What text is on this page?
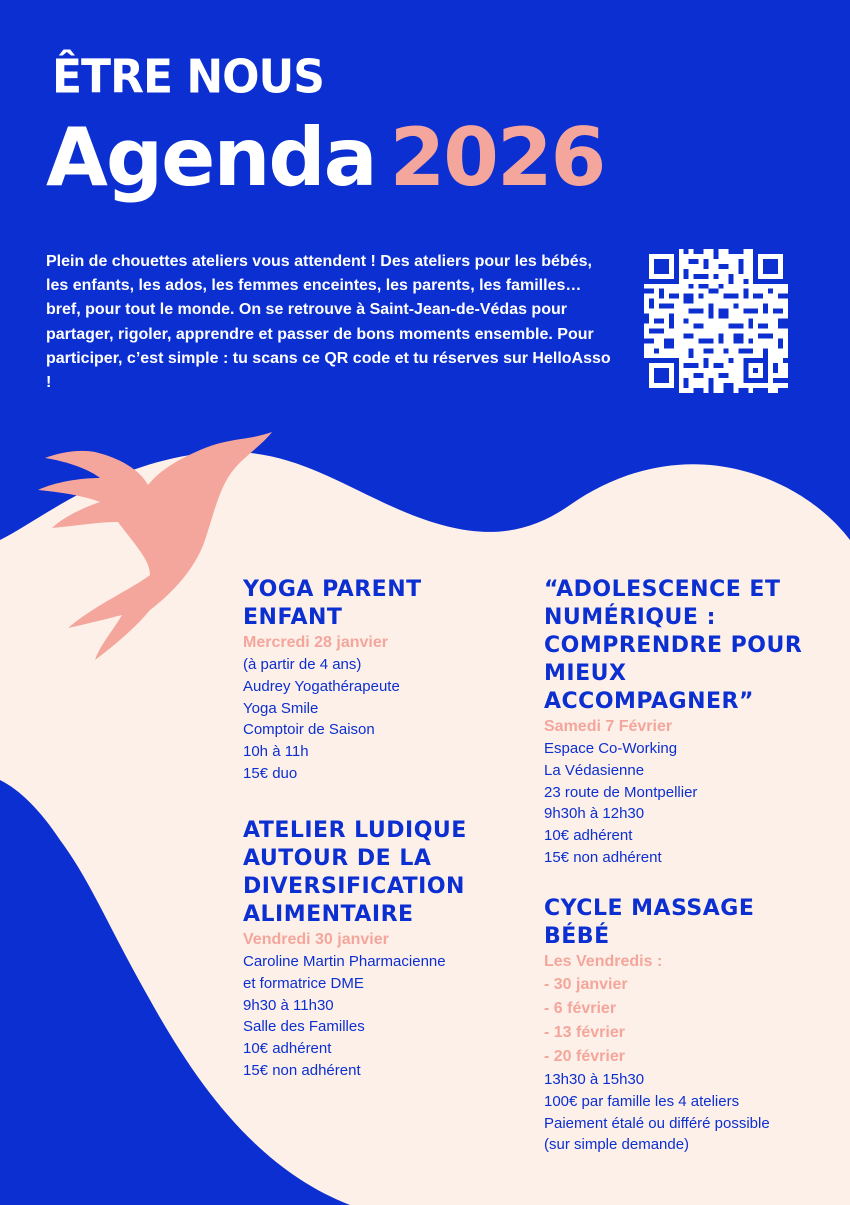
ÊTRE NOUS
Agenda 2026
Plein de chouettes ateliers vous attendent ! Des ateliers pour les bébés, les enfants, les ados, les femmes enceintes, les parents, les familles… bref, pour tout le monde. On se retrouve à Saint-Jean-de-Védas pour partager, rigoler, apprendre et passer de bons moments ensemble. Pour participer, c’est simple : tu scans ce QR code et tu réserves sur HelloAsso !
YOGA PARENT ENFANT
Mercredi 28 janvier
(à partir de 4 ans)
Audrey Yogathérapeute
Yoga Smile
Comptoir de Saison
10h à 11h
15€ duo
ATELIER LUDIQUE AUTOUR DE LA DIVERSIFICATION ALIMENTAIRE
Vendredi 30 janvier
Caroline Martin Pharmacienne
et formatrice DME
9h30 à 11h30
Salle des Familles
10€ adhérent
15€ non adhérent
“ADOLESCENCE ET NUMÉRIQUE : COMPRENDRE POUR MIEUX ACCOMPAGNER”
Samedi 7 Février
Espace Co-Working
La Védasienne
23 route de Montpellier
9h30h à 12h30
10€ adhérent
15€ non adhérent
CYCLE MASSAGE BÉBÉ
Les Vendredis :
- 30 janvier
- 6 février
- 13 février
- 20 février
13h30 à 15h30
100€ par famille les 4 ateliers
Paiement étalé ou différé possible
(sur simple demande)
